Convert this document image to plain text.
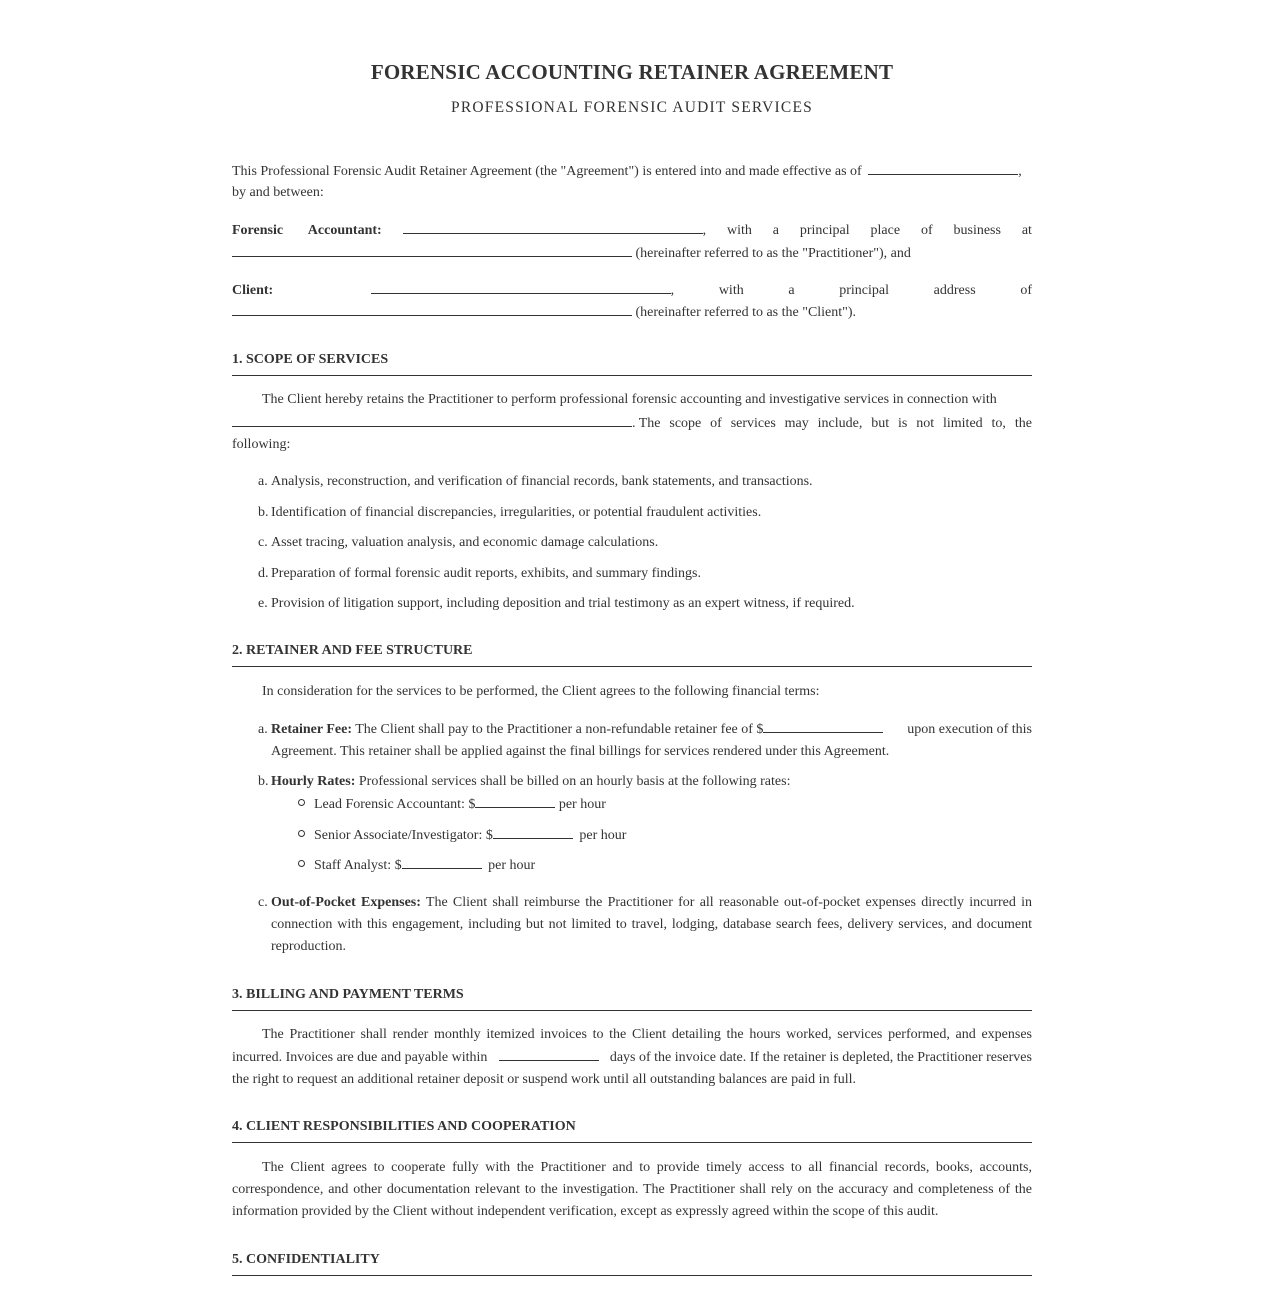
FORENSIC ACCOUNTING RETAINER AGREEMENT
PROFESSIONAL FORENSIC AUDIT SERVICES
This Professional Forensic Audit Retainer Agreement (the "Agreement") is entered into and made effective as of	,
by and between:
Forensic Accountant:	, with a principal place of business at
(hereinafter referred to as the "Practitioner"), and
Client:	,	with	a	principal	address	of
(hereinafter referred to as the "Client").
1. SCOPE OF SERVICES
The Client hereby retains the Practitioner to perform professional forensic accounting and investigative services in connection with
. The scope of services may include, but is not limited to, the
following:
a. Analysis, reconstruction, and verification of financial records, bank statements, and transactions.
b. Identification of financial discrepancies, irregularities, or potential fraudulent activities.
c. Asset tracing, valuation analysis, and economic damage calculations.
d. Preparation of formal forensic audit reports, exhibits, and summary findings.
e. Provision of litigation support, including deposition and trial testimony as an expert witness, if required.
2. RETAINER AND FEE STRUCTURE
In consideration for the services to be performed, the Client agrees to the following financial terms:
a. Retainer Fee: The Client shall pay to the Practitioner a non-refundable retainer fee of $	upon execution of this
Agreement. This retainer shall be applied against the final billings for services rendered under this Agreement.
b. Hourly Rates: Professional services shall be billed on an hourly basis at the following rates:
Lead Forensic Accountant: $	per hour
Senior Associate/Investigator: $	per hour
Staff Analyst: $	per hour
c. Out-of-Pocket Expenses: The Client shall reimburse the Practitioner for all reasonable out-of-pocket expenses directly incurred in
connection with this engagement, including but not limited to travel, lodging, database search fees, delivery services, and document
reproduction.
3. BILLING AND PAYMENT TERMS
The Practitioner shall render monthly itemized invoices to the Client detailing the hours worked, services performed, and expenses
incurred. Invoices are due and payable within	days of the invoice date. If the retainer is depleted, the Practitioner reserves
the right to request an additional retainer deposit or suspend work until all outstanding balances are paid in full.
4. CLIENT RESPONSIBILITIES AND COOPERATION
The Client agrees to cooperate fully with the Practitioner and to provide timely access to all financial records, books, accounts,
correspondence, and other documentation relevant to the investigation. The Practitioner shall rely on the accuracy and completeness of the
information provided by the Client without independent verification, except as expressly agreed within the scope of this audit.
5. CONFIDENTIALITY
